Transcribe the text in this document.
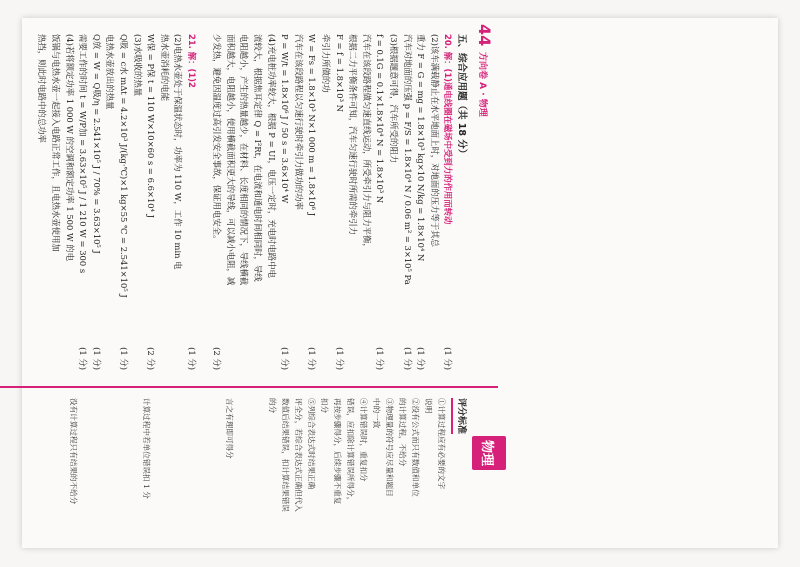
44
方向卷 A · 物理
物理

五、综合应用题（共 18 分）

(1 分)
20. 解：(1)通电线圈在磁场中受到力的作用而转动

(2)该车满载静止在水平地面上时，对地面的压力等于其总

(1 分)
重力 F = G = mg = 1.8×10³ kg×10 N/kg = 1.8×10⁴ N

(1 分)
汽车对地面的压强 p = F/S = 1.8×10⁴ N / 0.06 m² = 3×10⁵ Pa

(3)根据题意可得，汽车所受的阻力

(1 分)
f = 0.1G = 0.1×1.8×10⁴ N = 1.8×10³ N

汽车在该段路程做匀速直线运动，所受牵引力与阻力平衡，

根据二力平衡条件可知，汽车匀速行驶时所需的牵引力

(1 分)
F = f = 1.8×10³ N

牵引力所做的功

(1 分)
W = Fs = 1.8×10³ N×1 000 m = 1.8×10⁶ J

汽车在该段路程以匀速行驶时牵引力做功的功率

(1 分)
P = W/t = 1.8×10⁶ J / 50 s = 3.6×10⁴ W

(4)充电桩功率较大，根据 P = UI，电压一定时，充电时电路中电

流较大，根据焦耳定律 Q = I²Rt，在电流和通电时间相同时，导线

电阻越小，产生的热量越少，在材料、长度相同的情况下，导线横截

面积越大，电阻越小，使用横截面积更大的导线，可以减小电阻，减

(2 分)
少发热，避免因温度过高引发安全事故，保证用电安全。

(1 分)
21. 解：(1)2

(2)电热水壶处于保温状态时，功率为 110 W，工作 10 min 电

热水壶消耗的电能

(2 分)
W保 = P保 t = 110 W×10×60 s = 6.6×10⁴ J

(3)水吸收的热量

(1 分)
Q吸 = c水 mΔt = 4.2×10³ J/(kg·℃)×1 kg×55 ℃ = 2.541×10⁵ J

电热水壶放出的热量

(1 分)
Q放 = W = Q吸/η = 2.541×10⁵ J / 70% = 3.63×10⁵ J

(1 分)
需要工作的时间 t = W/P加 = 3.63×10⁵ J / 1 210 W = 300 s

(4)若将额定功率 1 000 W 的空调和额定功率 1 500 W 的电

饭锅与电热水壶一起接入电路正常工作，且电热水壶使用加

热挡，则此时电路中的总功率

评分标准

①计算过程应有必要的文字

说明

②没有公式而只有数值和单位

的计算过程，不给分

③物理量的符号应尽量和题目

中的一致

④计算错误时，重复扣分

错误，应扣除计算错误所得分，

再按步骤得分，后续步骤不重复

扣分

⑤列综合表达式时结果正确

评全分，若综合表达式正确但代入

数值后结果错误，扣计算结果错误

的分

言之有理即可得分

计算过程中若单位错误扣 1 分

没有计算过程只有结果的不给分
